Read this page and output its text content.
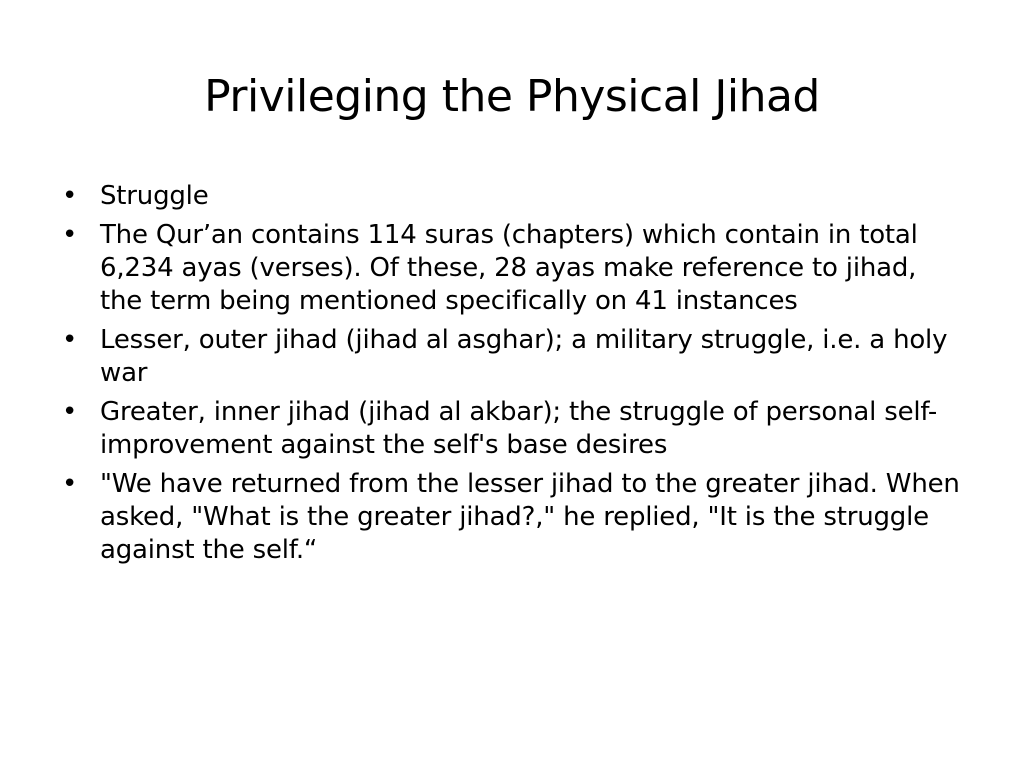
Privileging the Physical Jihad
• Struggle
• The Qur’an contains 114 suras (chapters) which contain in total 6,234 ayas (verses). Of these, 28 ayas make reference to jihad, the term being mentioned specifically on 41 instances
• Lesser, outer jihad (jihad al asghar); a military struggle, i.e. a holy war
• Greater, inner jihad (jihad al akbar); the struggle of personal self-improvement against the self's base desires
• "We have returned from the lesser jihad to the greater jihad. When asked, "What is the greater jihad?," he replied, "It is the struggle against the self.“
